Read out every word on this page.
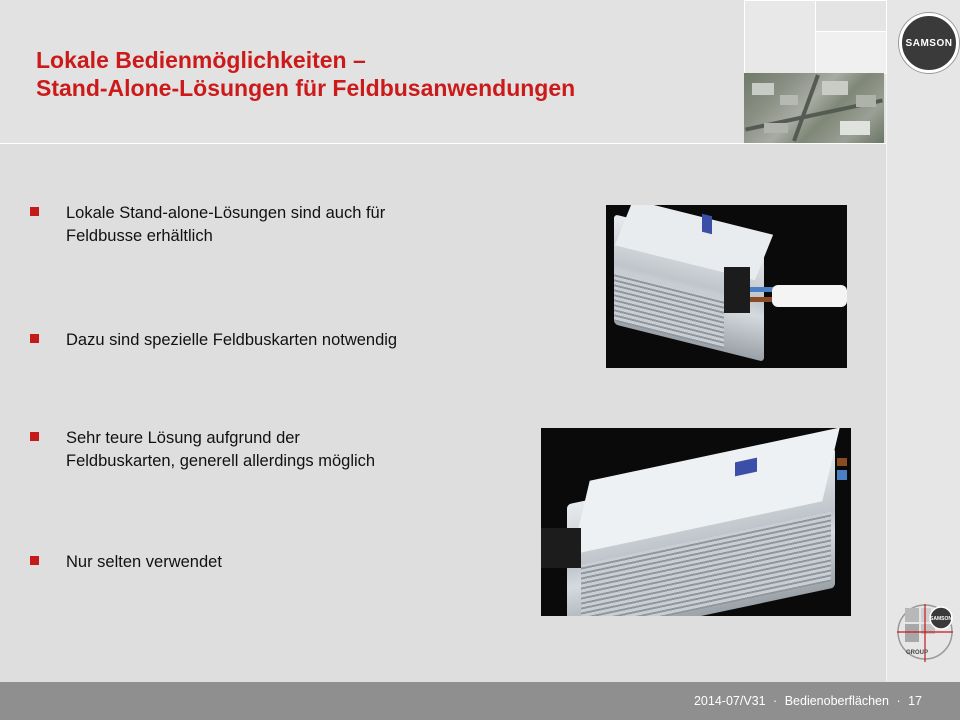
SAMSON
Lokale Bedienmöglichkeiten –
Stand-Alone-Lösungen für Feldbusanwendungen
Lokale Stand-alone-Lösungen sind auch für
Feldbusse erhältlich
Dazu sind spezielle Feldbuskarten notwendig
Sehr teure Lösung aufgrund der
Feldbuskarten, generell allerdings möglich
Nur selten verwendet
SAMSON
GROUP
2014-07/V31 · Bedienoberflächen · 17
